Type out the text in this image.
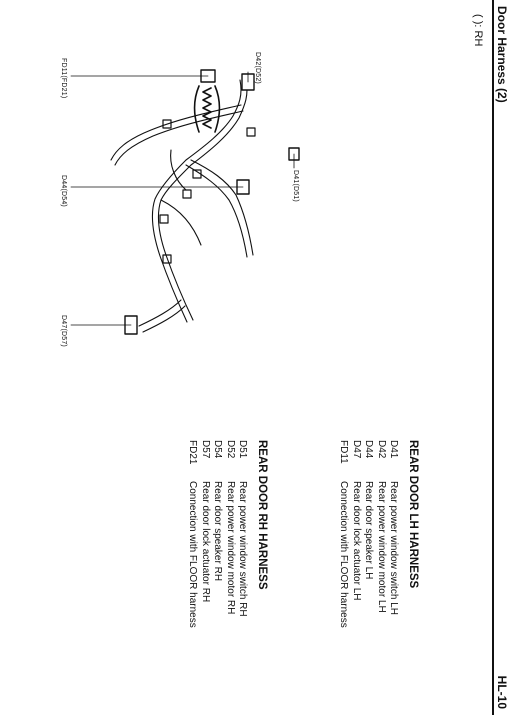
Door Harness (2)
HL-10
( ): RH
D42(D52)
D41(D51)
FD11(FD21)
D44(D54)
D47(D57)
REAR DOOR LH HARNESS
D41
Rear power window switch LH
D42
Rear power window motor LH
D44
Rear door speaker LH
D47
Rear door lock actuator LH
FD11
Connection with FLOOR harness
REAR DOOR RH HARNESS
D51
Rear power window switch RH
D52
Rear power window motor RH
D54
Rear door speaker RH
D57
Rear door lock actuator RH
FD21
Connection with FLOOR harness
